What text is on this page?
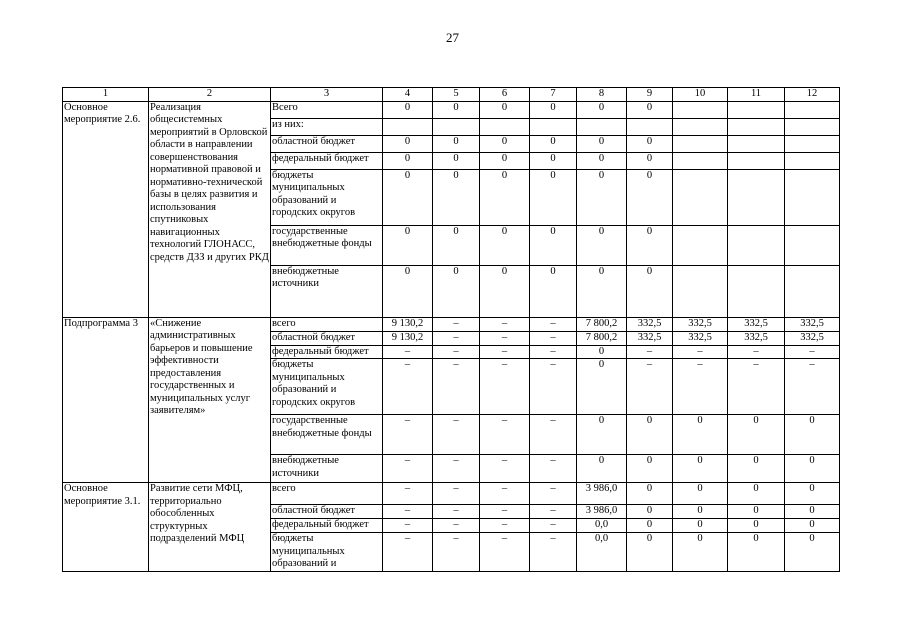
27
1	2	3	4	5	6	7	8	9	10	11	12
Основное мероприятие 2.6.	Реализация общесистемных мероприятий в Орловской области в направлении совершенствования нормативной правовой и нормативно-технической базы в целях развития и использования спутниковых навигационных технологий ГЛОНАСС, средств ДЗЗ и других РКД	Всего	0	0	0	0	0	0			
		из них:									
		областной бюджет	0	0	0	0	0	0			
		федеральный бюджет	0	0	0	0	0	0			
		бюджеты муниципальных образований и городских округов	0	0	0	0	0	0			
		государственные внебюджетные фонды	0	0	0	0	0	0			
		внебюджетные источники	0	0	0	0	0	0			
Подпрограмма 3	«Снижение административных барьеров и повышение эффективности предоставления государственных и муниципальных услуг заявителям»	всего	9 130,2	–	–	–	7 800,2	332,5	332,5	332,5	332,5
		областной бюджет	9 130,2	–	–	–	7 800,2	332,5	332,5	332,5	332,5
		федеральный бюджет	–	–	–	–	0	–	–	–	–
		бюджеты муниципальных образований и городских округов	–	–	–	–	0	–	–	–	–
		государственные внебюджетные фонды	–	–	–	–	0	0	0	0	0
		внебюджетные источники	–	–	–	–	0	0	0	0	0
Основное мероприятие 3.1.	Развитие сети МФЦ, территориально обособленных структурных подразделений МФЦ	всего	–	–	–	–	3 986,0	0	0	0	0
		областной бюджет	–	–	–	–	3 986,0	0	0	0	0
		федеральный бюджет	–	–	–	–	0,0	0	0	0	0
		бюджеты муниципальных образований и	–	–	–	–	0,0	0	0	0	0
